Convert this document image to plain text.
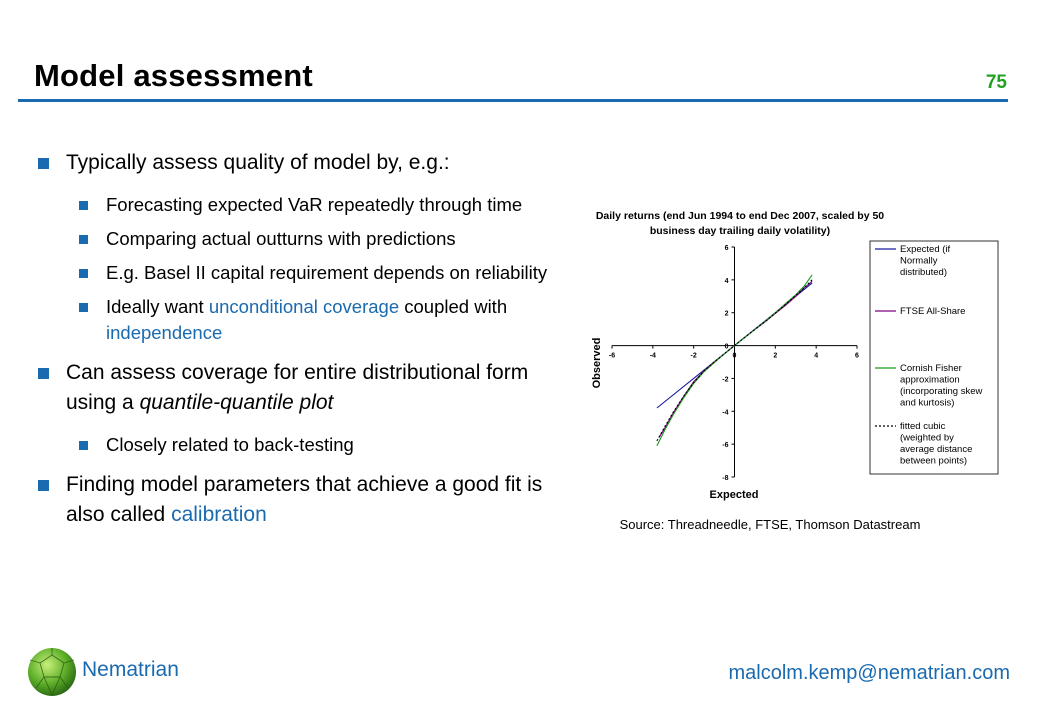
Model assessment	75
Typically assess quality of model by, e.g.:
Forecasting expected VaR repeatedly through time
Comparing actual outturns with predictions
E.g. Basel II capital requirement depends on reliability
Ideally want unconditional coverage coupled with independence
Can assess coverage for entire distributional form using a quantile-quantile plot
Closely related to back-testing
Finding model parameters that achieve a good fit is also called calibration
Daily returns (end Jun 1994 to end Dec 2007, scaled by 50
business day trailing daily volatility)
-6	-4	-2	0	2	4	6
6
4
2
0
-2
-4
-6
-8
Expected
Observed
Expected (if
Normally
distributed)
FTSE All-Share
Cornish Fisher
approximation
(incorporating skew
and kurtosis)
fitted cubic
(weighted by
average distance
between points)
Source: Threadneedle, FTSE, Thomson Datastream
Nematrian	malcolm.kemp@nematrian.com
